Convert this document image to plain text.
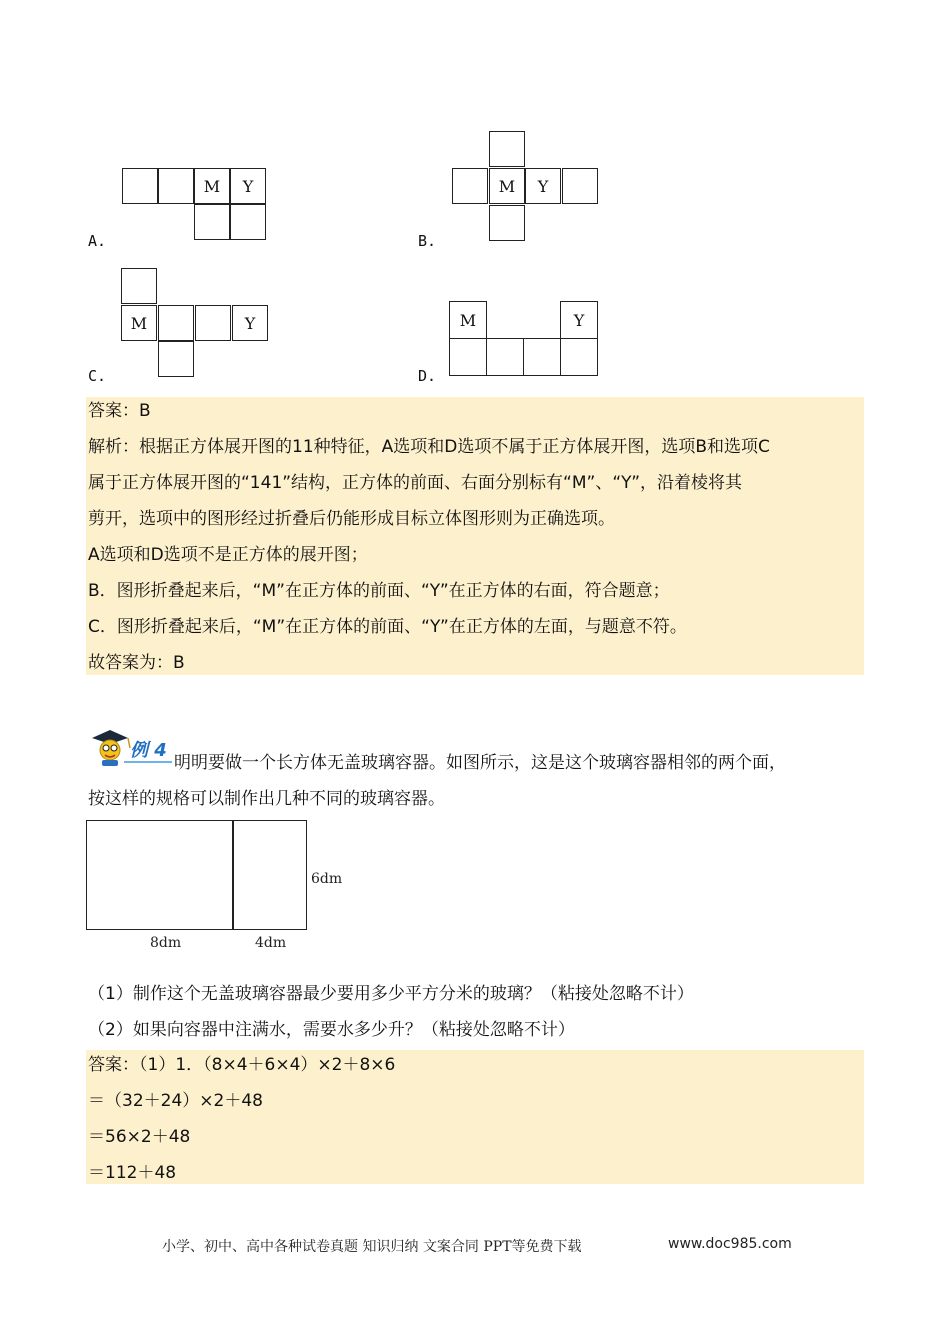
M	Y
A.
M	Y
B.
M	Y
C.
M	Y
D.
答案：B
解析：根据正方体展开图的11种特征，A选项和D选项不属于正方体展开图，选项B和选项C
属于正方体展开图的“141”结构，正方体的前面、右面分别标有“M”、“Y”，沿着棱将其
剪开，选项中的图形经过折叠后仍能形成目标立体图形则为正确选项。
A选项和D选项不是正方体的展开图；
B．图形折叠起来后，“M”在正方体的前面、“Y”在正方体的右面，符合题意；
C．图形折叠起来后，“M”在正方体的前面、“Y”在正方体的左面，与题意不符。
故答案为：B
例 4
明明要做一个长方体无盖玻璃容器。如图所示，这是这个玻璃容器相邻的两个面，
按这样的规格可以制作出几种不同的玻璃容器。
6dm
8dm	4dm
（1）制作这个无盖玻璃容器最少要用多少平方分米的玻璃？（粘接处忽略不计）
（2）如果向容器中注满水，需要水多少升？（粘接处忽略不计）
答案：（1）1．（8×4＋6×4）×2＋8×6
＝（32＋24）×2＋48
＝56×2＋48
＝112＋48
小学、初中、高中各种试卷真题 知识归纳 文案合同 PPT等免费下载	www.doc985.com
